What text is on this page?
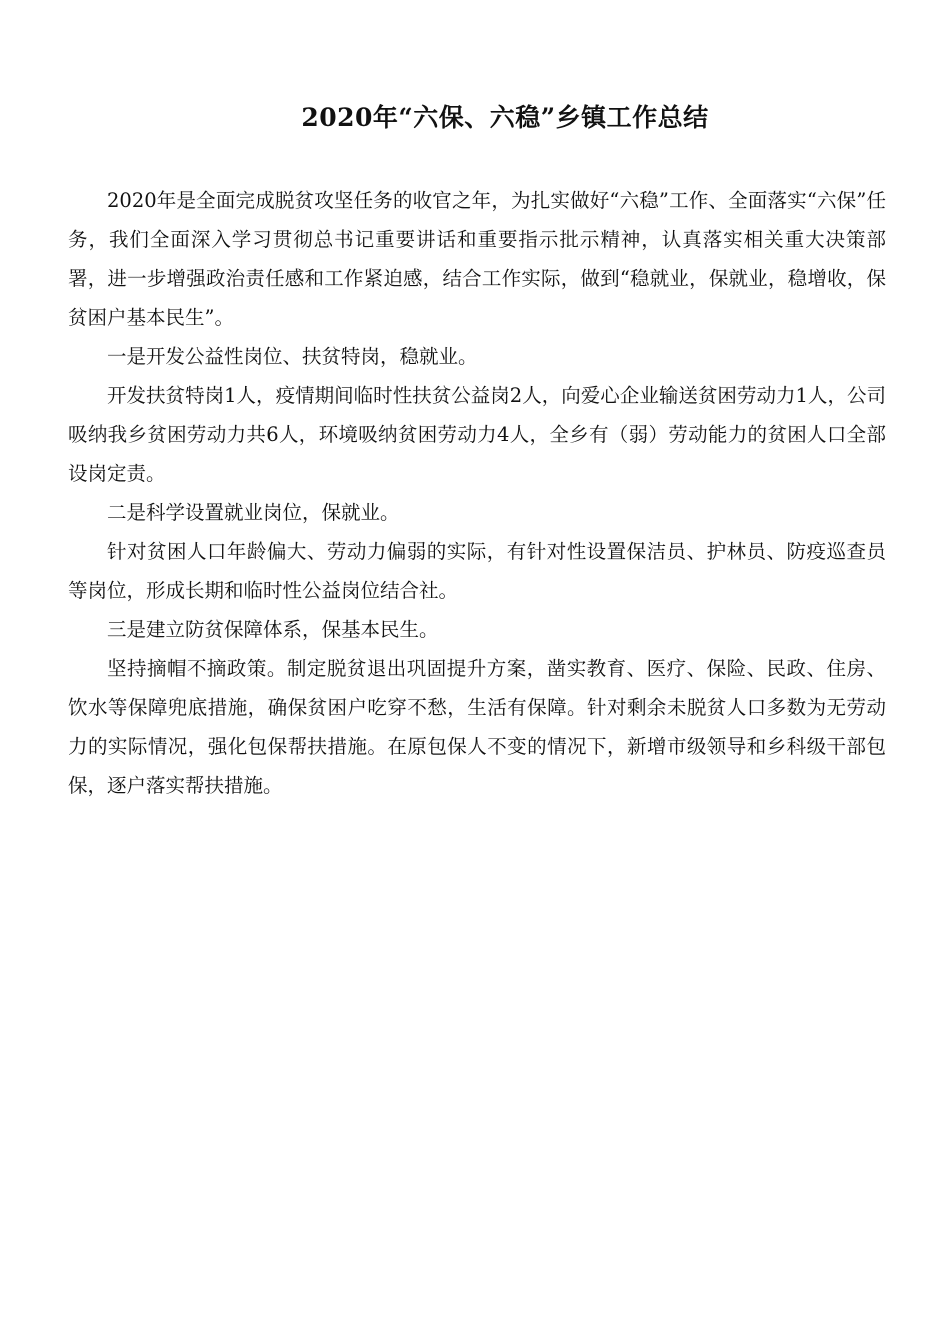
2020年“六保、六稳”乡镇工作总结

2020年是全面完成脱贫攻坚任务的收官之年，为扎实做好“六稳”工作、全面落实“六保”任务，我们全面深入学习贯彻总书记重要讲话和重要指示批示精神，认真落实相关重大决策部署，进一步增强政治责任感和工作紧迫感，结合工作实际，做到“稳就业，保就业，稳增收，保贫困户基本民生”。

一是开发公益性岗位、扶贫特岗，稳就业。

开发扶贫特岗1人，疫情期间临时性扶贫公益岗2人，向爱心企业输送贫困劳动力1人，公司吸纳我乡贫困劳动力共6人，环境吸纳贫困劳动力4人，全乡有（弱）劳动能力的贫困人口全部设岗定责。

二是科学设置就业岗位，保就业。

针对贫困人口年龄偏大、劳动力偏弱的实际，有针对性设置保洁员、护林员、防疫巡查员等岗位，形成长期和临时性公益岗位结合社。

三是建立防贫保障体系，保基本民生。

坚持摘帽不摘政策。制定脱贫退出巩固提升方案，凿实教育、医疗、保险、民政、住房、饮水等保障兜底措施，确保贫困户吃穿不愁，生活有保障。针对剩余未脱贫人口多数为无劳动力的实际情况，强化包保帮扶措施。在原包保人不变的情况下，新增市级领导和乡科级干部包保，逐户落实帮扶措施。
